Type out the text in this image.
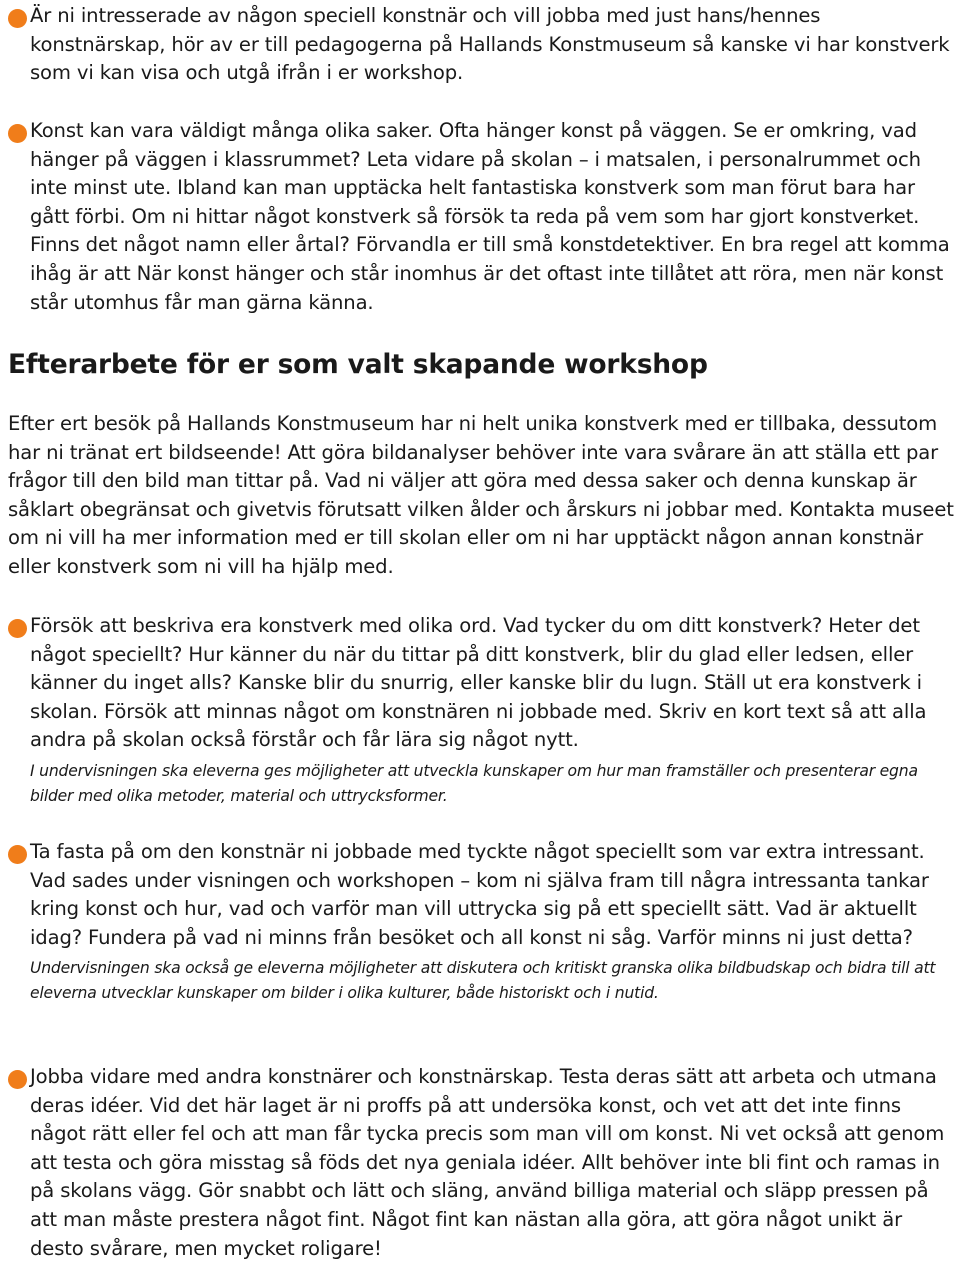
Är ni intresserade av någon speciell konstnär och vill jobba med just hans/hennes konstnärskap, hör av er till pedagogerna på Hallands Konstmuseum så kanske vi har konstverk som vi kan visa och utgå ifrån i er workshop.

Konst kan vara väldigt många olika saker. Ofta hänger konst på väggen. Se er omkring, vad hänger på väggen i klassrummet? Leta vidare på skolan – i matsalen, i personalrummet och inte minst ute. Ibland kan man upptäcka helt fantastiska konstverk som man förut bara har gått förbi. Om ni hittar något konstverk så försök ta reda på vem som har gjort konstverket. Finns det något namn eller årtal? Förvandla er till små konstdetektiver. En bra regel att komma ihåg är att När konst hänger och står inomhus är det oftast inte tillåtet att röra, men när konst står utomhus får man gärna känna.

Efterarbete för er som valt skapande workshop

Efter ert besök på Hallands Konstmuseum har ni helt unika konstverk med er tillbaka, dessutom har ni tränat ert bildseende! Att göra bildanalyser behöver inte vara svårare än att ställa ett par frågor till den bild man tittar på. Vad ni väljer att göra med dessa saker och denna kunskap är såklart obegränsat och givetvis förutsatt vilken ålder och årskurs ni jobbar med. Kontakta museet om ni vill ha mer information med er till skolan eller om ni har upptäckt någon annan konstnär eller konstverk som ni vill ha hjälp med.

Försök att beskriva era konstverk med olika ord. Vad tycker du om ditt konstverk? Heter det något speciellt? Hur känner du när du tittar på ditt konstverk, blir du glad eller ledsen, eller känner du inget alls? Kanske blir du snurrig, eller kanske blir du lugn. Ställ ut era konstverk i skolan. Försök att minnas något om konstnären ni jobbade med. Skriv en kort text så att alla andra på skolan också förstår och får lära sig något nytt.

I undervisningen ska eleverna ges möjligheter att utveckla kunskaper om hur man framställer och presenterar egna bilder med olika metoder, material och uttrycksformer.

Ta fasta på om den konstnär ni jobbade med tyckte något speciellt som var extra intressant. Vad sades under visningen och workshopen – kom ni själva fram till några intressanta tankar kring konst och hur, vad och varför man vill uttrycka sig på ett speciellt sätt. Vad är aktuellt idag? Fundera på vad ni minns från besöket och all konst ni såg. Varför minns ni just detta?

Undervisningen ska också ge eleverna möjligheter att diskutera och kritiskt granska olika bildbudskap och bidra till att eleverna utvecklar kunskaper om bilder i olika kulturer, både historiskt och i nutid.

Jobba vidare med andra konstnärer och konstnärskap. Testa deras sätt att arbeta och utmana deras idéer. Vid det här laget är ni proffs på att undersöka konst, och vet att det inte finns något rätt eller fel och att man får tycka precis som man vill om konst. Ni vet också att genom att testa och göra misstag så föds det nya geniala idéer. Allt behöver inte bli fint och ramas in på skolans vägg. Gör snabbt och lätt och släng, använd billiga material och släpp pressen på att man måste prestera något fint. Något fint kan nästan alla göra, att göra något unikt är desto svårare, men mycket roligare!
